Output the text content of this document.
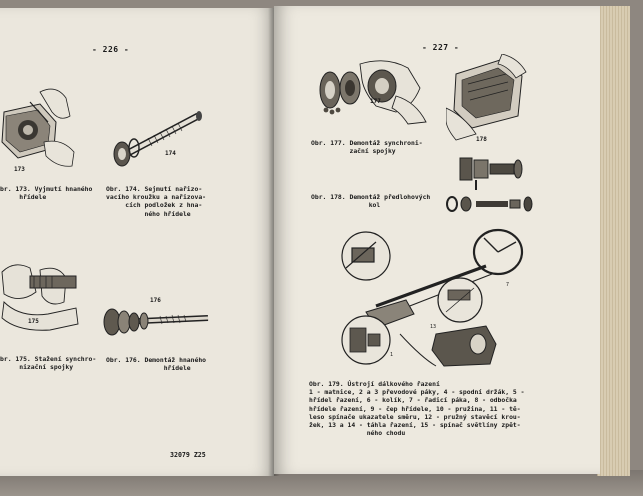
- 226 -
173
br. 173. Vyjmutí hnaného
hřídele
174
Obr. 174. Sejmutí nařizo-
vacího kroužku a nařizova-
cích podložek z hna-
ného hřídele
175
br. 175. Stažení synchro-
nizační spojky
176
Obr. 176. Demontáž hnaného
hřídele
32079 Z25
- 227 -
177
Obr. 177. Demontáž synchroni-
zační spojky
178
Obr. 178. Demontáž předlohových
kol
1
13
7
Obr. 179. Ústrojí dálkového řazení
1 - matnice, 2 a 3 převodové páky, 4 - spodní držák, 5 -
hřídel řazení, 6 - kolík, 7 - řadicí páka, 8 - odbočka
hřídele řazení, 9 - čep hřídele, 10 - pružina, 11 - tě-
leso spínače ukazatele směru, 12 - pružný stavěcí krou-
žek, 13 a 14 - táhla řazení, 15 - spínač světlíny zpět-
ného chodu
